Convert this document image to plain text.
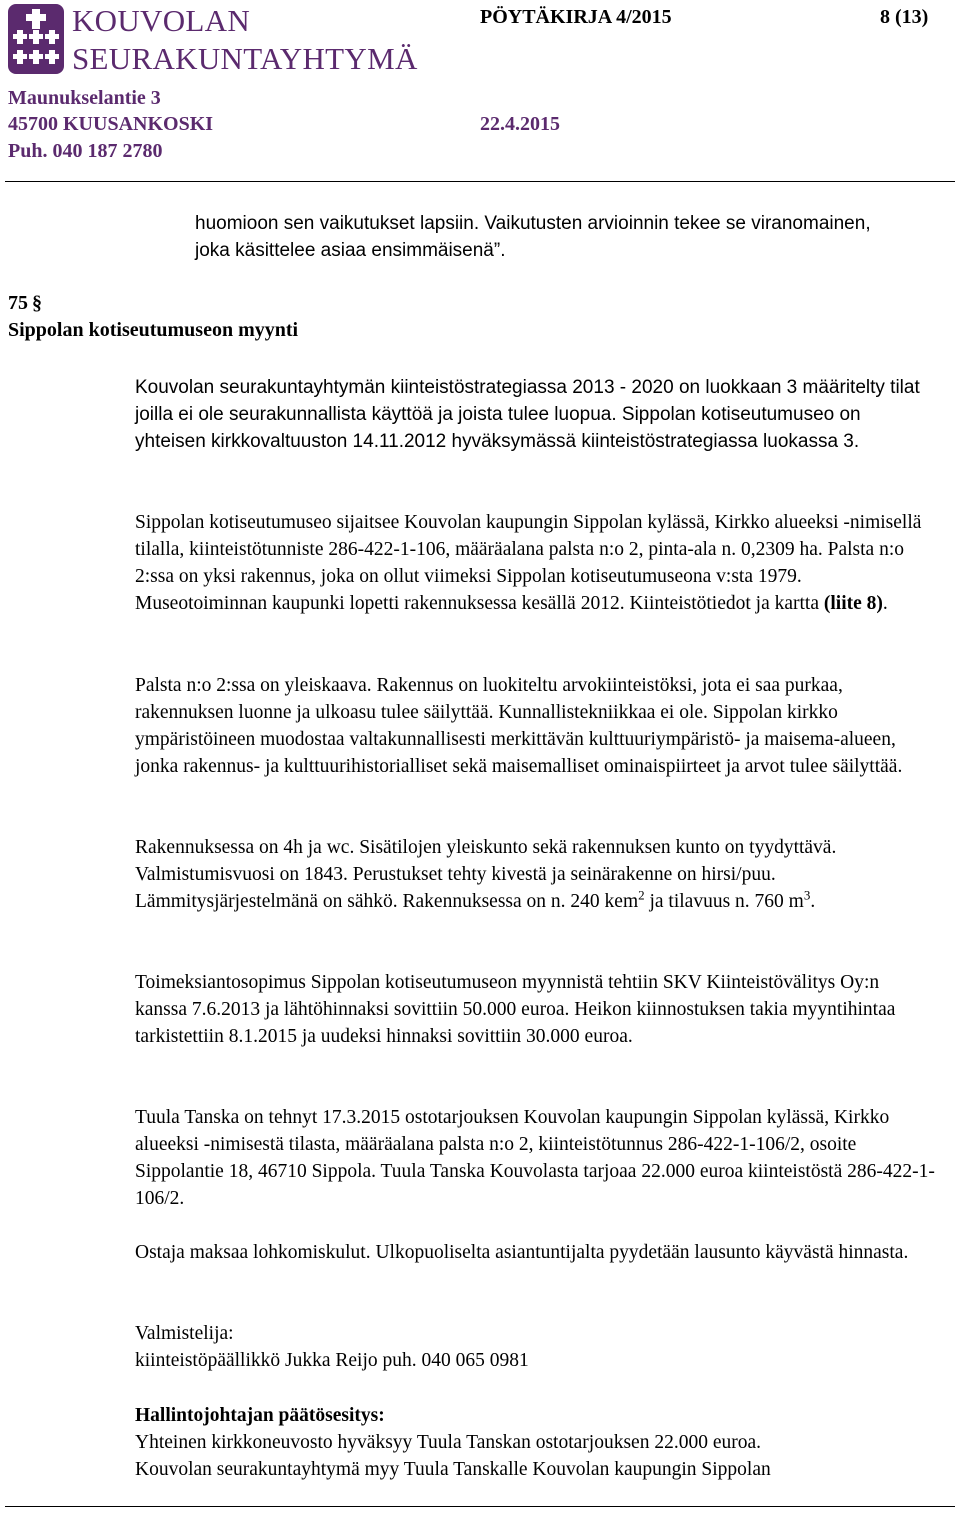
KOUVOLAN
SEURAKUNTAYHTYMÄ
PÖYTÄKIRJA 4/2015	8 (13)
Maunukselantie 3
45700 KUUSANKOSKI	22.4.2015
Puh. 040 187 2780
huomioon sen vaikutukset lapsiin. Vaikutusten arvioinnin tekee se viranomainen,
joka käsittelee asiaa ensimmäisenä”.
75 §
Sippolan kotiseutumuseon myynti

Kouvolan seurakuntayhtymän kiinteistöstrategiassa 2013 - 2020 on luokkaan 3 määritelty tilat joilla ei ole seurakunnallista käyttöä ja joista tulee luopua. Sippolan kotiseutumuseo on yhteisen kirkkovaltuuston 14.11.2012 hyväksymässä kiinteistöstrategiassa luokassa 3.

Sippolan kotiseutumuseo sijaitsee Kouvolan kaupungin Sippolan kylässä, Kirkko alueeksi -nimisellä tilalla, kiinteistötunniste 286-422-1-106, määräalana palsta n:o 2, pinta-ala n. 0,2309 ha. Palsta n:o 2:ssa on yksi rakennus, joka on ollut viimeksi Sippolan kotiseutumuseona v:sta 1979. Museotoiminnan kaupunki lopetti rakennuksessa kesällä 2012. Kiinteistötiedot ja kartta (liite 8).

Palsta n:o 2:ssa on yleiskaava. Rakennus on luokiteltu arvokiinteistöksi, jota ei saa purkaa, rakennuksen luonne ja ulkoasu tulee säilyttää. Kunnallistekniikkaa ei ole. Sippolan kirkko ympäristöineen muodostaa valtakunnallisesti merkittävän kulttuuriympäristö- ja maisema-alueen, jonka rakennus- ja kulttuurihistorialliset sekä maisemalliset ominaispiirteet ja arvot tulee säilyttää.

Rakennuksessa on 4h ja wc. Sisätilojen yleiskunto sekä rakennuksen kunto on tyydyttävä. Valmistumisvuosi on 1843. Perustukset tehty kivestä ja seinärakenne on hirsi/puu. Lämmitysjärjestelmänä on sähkö. Rakennuksessa on n. 240 kem$^2$ ja tilavuus n. 760 $m^3$.

Toimeksiantosopimus Sippolan kotiseutumuseon myynnistä tehtiin SKV Kiinteistövälitys Oy:n kanssa 7.6.2013 ja lähtöhinnaksi sovittiin 50.000 euroa. Heikon kiinnostuksen takia myyntihintaa tarkistettiin 8.1.2015 ja uudeksi hinnaksi sovittiin 30.000 euroa.

Tuula Tanska on tehnyt 17.3.2015 ostotarjouksen Kouvolan kaupungin Sippolan kylässä, Kirkko alueeksi -nimisestä tilasta, määräalana palsta n:o 2, kiinteistötunnus 286-422-1-106/2, osoite Sippolantie 18, 46710 Sippola. Tuula Tanska Kouvolasta tarjoaa 22.000 euroa kiinteistöstä 286-422-1-106/2.

Ostaja maksaa lohkomiskulut. Ulkopuoliselta asiantuntijalta pyydetään lausunto käyvästä hinnasta.

Valmistelija:

kiinteistöpäällikkö Jukka Reijo puh. 040 065 0981

Hallintojohtajan päätösesitys:

Yhteinen kirkkoneuvosto hyväksyy Tuula Tanskan ostotarjouksen 22.000 euroa.

Kouvolan seurakuntayhtymä myy Tuula Tanskalle Kouvolan kaupungin Sippolan
